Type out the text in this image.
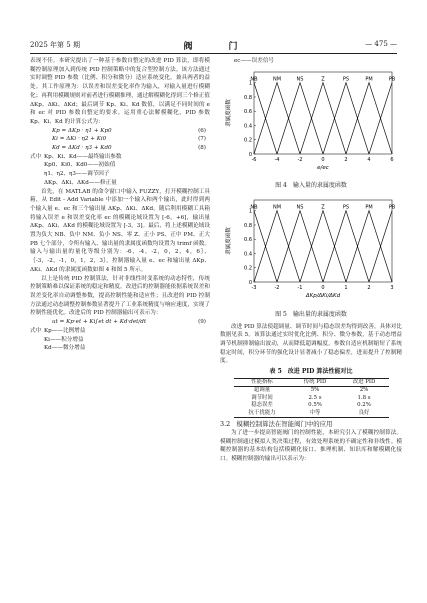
2025 年第 5 期	阀　　门	— 475 —

表现不佳。本研究提出了一种基于参数自整定的改进 PID 算法，即将模糊控制原理加入到传统 PID 控制策略中的复合型控制方法。该方法通过实时调整 PID 参数（比例、积分和微分）适应系统变化，兼具两者的益处。其工作原理为：以误差和误差变化率作为输入，对输入量进行模糊化；再利用模糊规则对前者进行模糊推理，通过解模糊化得到三个修正值 ΔKp、ΔKi、ΔKd；最后调节 Kp、Ki、Kd 数值，以满足不同时间的 e 和 ec 对 PID 参数自整定的要求。运用重心法解模糊化，PID 参数 Kp、Ki、Kd 的计算公式为：

Kp = ΔKp · η1 + Kp0	(6)
Ki = ΔKi · η2 + Ki0	(7)
Kd = ΔKd · η3 + Kd0	(8)
式中 Kp、Ki、Kd——最终输出参数
Kp0、Ki0、Kd0——初始值
η1、η2、η3——调节因子
ΔKp、ΔKi、ΔKd——修正量

首先，在 MATLAB 的命令窗口中输入 FUZZY，打开模糊控制工具箱，从 Edit - Add Variable 中添加一个输入和两个输出，此时得到两个输入量 e、ec 和三个输出量 ΔKp、ΔKi、ΔKd。随后利用模糊工具箱将输入误差 e 和误差变化率 ec 的模糊论域设置为 [-6，+6]，输出量 ΔKp、ΔKi、ΔKd 的模糊论域设置为 [-3，3]。最后，将上述模糊论域设置为负大 NB、负中 NM、负小 NS、零 Z、正小 PS、正中 PM、正大 PB 七个部分，令所有输入、输出量的隶属度函数均设置为 trimf 函数。输入与输出量的量化等级分别为：-6，-4，-2，0，2，4，6｝、｛-3，-2，-1，0，1，2，3｝。控制器输入量 e、ec 和输出量 ΔKp、ΔKi、ΔKd 的隶属度函数如图 4 和图 5 所示。

以上是传统 PID 控制算法，针对非线性时变系统的动态特性，传统控制策略难以保证系统的稳定和精度。改进后的控制器能依据系统误差和误差变化率自动调整参数，提高控制性能和适应性；且改进的 PID 控制方法通过动态调整控制参数显著提升了工业系统精度与响应速度，实现了控制性能优化。改进后的 PID 控制器输出可表示为：

ut = Kp·et + Ki∫et dt + Kd·det/dt	(9)
式中 Kp——比例增益
Ki——积分增益
Kd——微分增益
ec——误差信号
0
0.2
0.4
0.6
0.8
1
-6	-4	-2	0	2	4	6
NB	NM	NS	Z	PS	PM	PB
隶属度函数
e/ec
图 4　输入量的隶属度函数
0
0.2
0.4
0.6
0.8
1
-3	-2	-1	0	1	2	3
NB	NM	NS	Z	PS	PM	PB
隶属度函数
ΔKp/ΔKi/ΔKd
图 5　输出量的隶属度函数

改进 PID 算法使超调量、调节时间与稳态误差均得到改善，具体对比数据见表 5。该算法通过实时优化比例、积分、微分参数，基于动态增益调节机制抑制输出波动，从而降低超调幅度。参数自适应机制缩短了系统稳定时间，积分环节的强化设计显著减小了稳态偏差，进而提升了控制精度。

表 5　改进 PID 算法性能对比
性能指标	传统 PID	改进 PID
超调量	5%	2%
调节时间	2.5 s	1.8 s
稳态误差	0.5%	0.2%
抗干扰能力	中等	良好
3.2　模糊控制算法在智能阀门中的应用

为了进一步提高智能阀门的控制性能，本研究引入了模糊控制算法。模糊控制通过模拟人类决策过程，有效处理系统的不确定性和非线性。模糊控制器的基本结构包括模糊化接口、推理机制、知识库和解模糊化接口。模糊控制器的输出可以表示为：
